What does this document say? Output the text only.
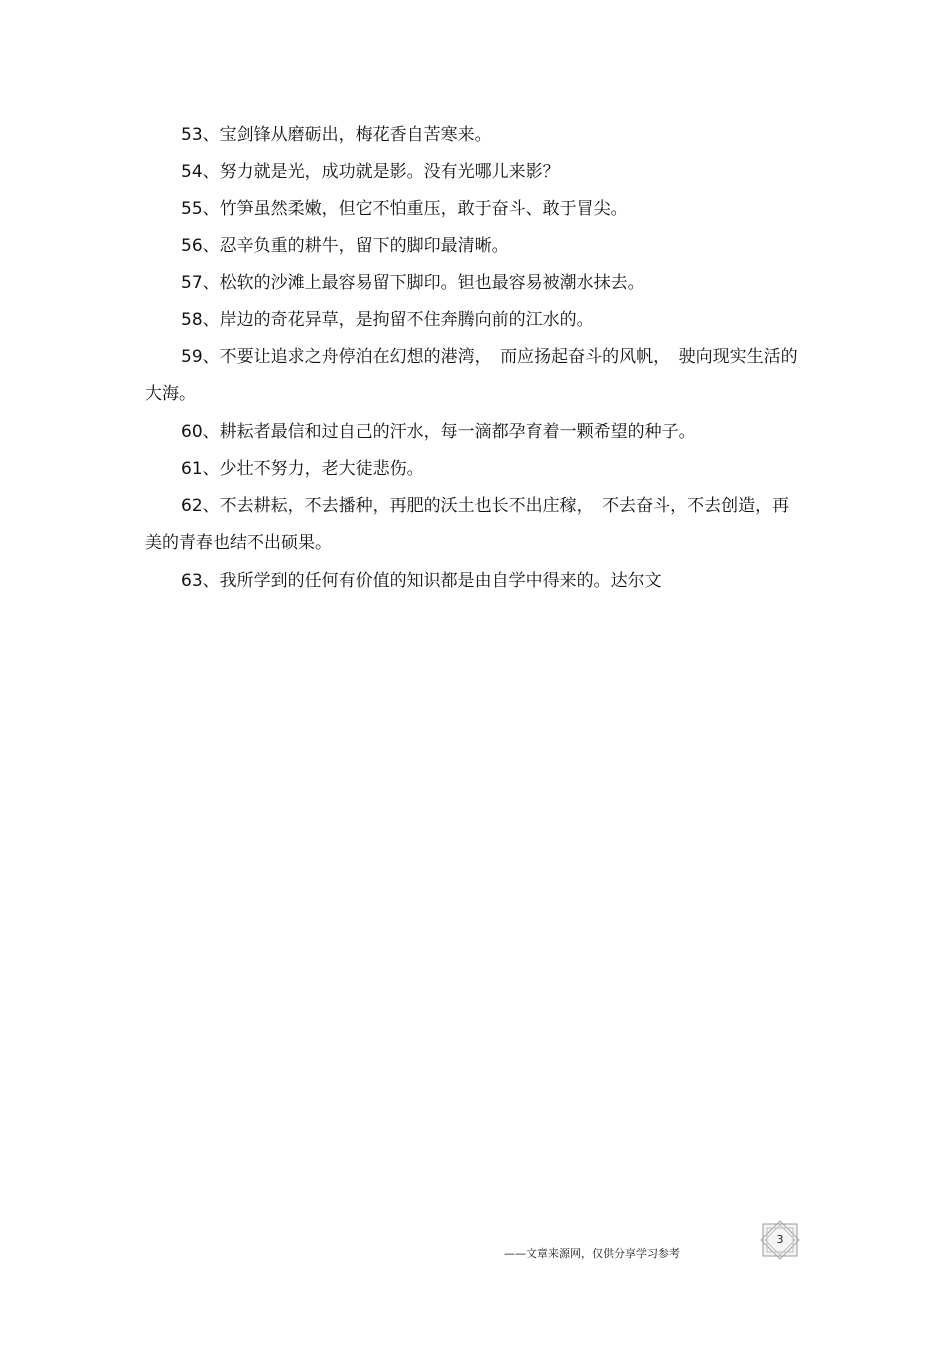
53、宝剑锋从磨砺出，梅花香自苦寒来。

54、努力就是光，成功就是影。没有光哪儿来影？

55、竹笋虽然柔嫩，但它不怕重压，敢于奋斗、敢于冒尖。

56、忍辛负重的耕牛，留下的脚印最清晰。

57、松软的沙滩上最容易留下脚印。钽也最容易被潮水抹去。

58、岸边的奇花异草，是拘留不住奔腾向前的江水的。

59、不要让追求之舟停泊在幻想的港湾，　而应扬起奋斗的风帆，　驶向现实生活的大海。

60、耕耘者最信和过自己的汗水，每一滴都孕育着一颗希望的种子。

61、少壮不努力，老大徒悲伤。

62、不去耕耘，不去播种，再肥的沃土也长不出庄稼，　不去奋斗，不去创造，再美的青春也结不出硕果。

63、我所学到的任何有价值的知识都是由自学中得来的。达尔文

——文章来源网，仅供分享学习参考
3
